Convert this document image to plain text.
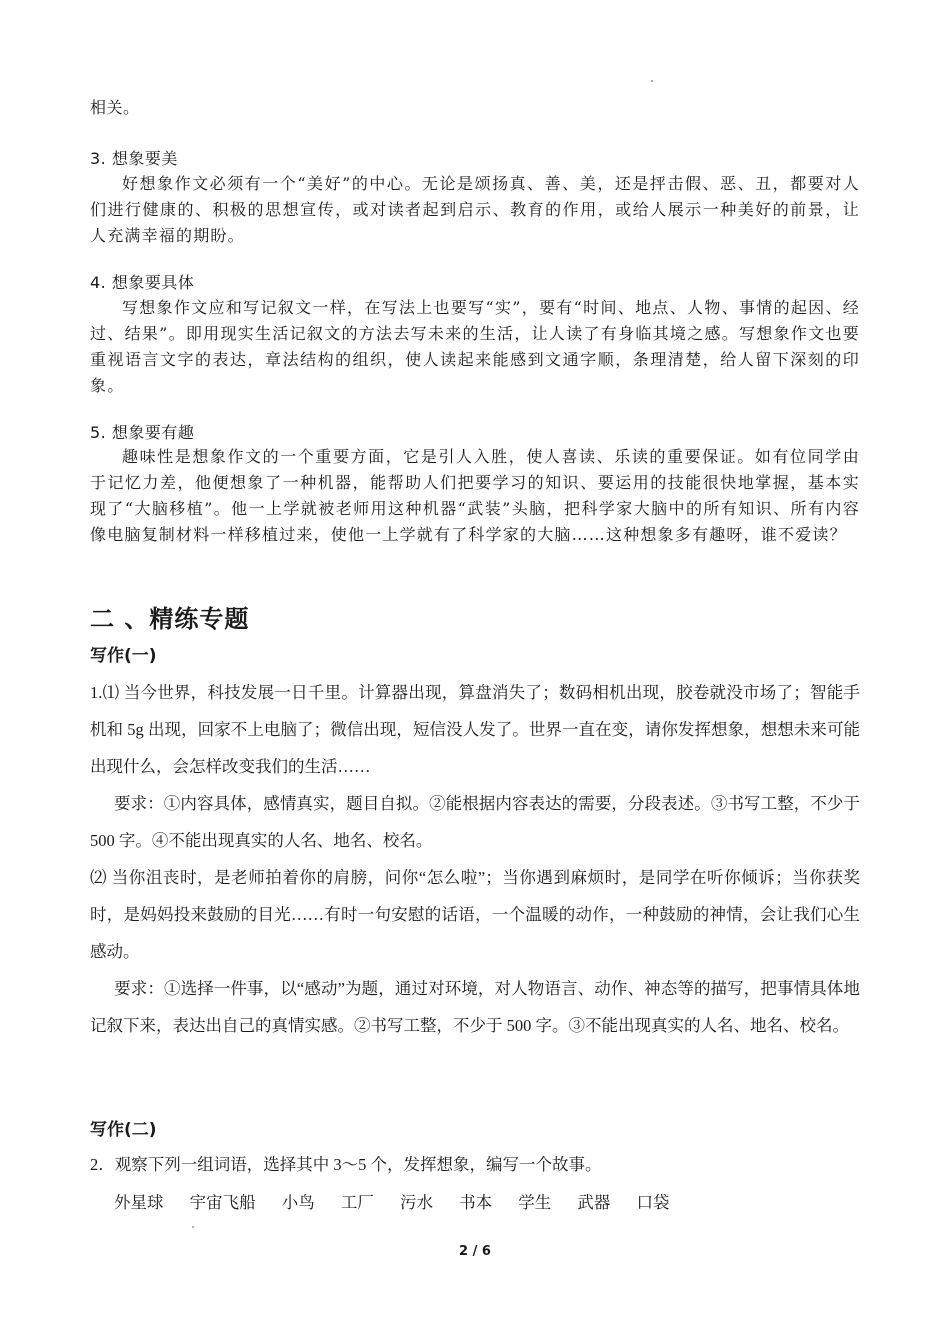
相关。
3. 想象要美
好想象作文必须有一个“美好”的中心。无论是颂扬真、善、美，还是抨击假、恶、丑，都要对人们进行健康的、积极的思想宣传，或对读者起到启示、教育的作用，或给人展示一种美好的前景，让人充满幸福的期盼。
4. 想象要具体
写想象作文应和写记叙文一样，在写法上也要写“实”，要有“时间、地点、人物、事情的起因、经 过、结果”。即用现实生活记叙文的方法去写未来的生活，让人读了有身临其境之感。写想象作文也要重视语言文字的表达，章法结构的组织，使人读起来能感到文通字顺，条理清楚，给人留下深刻的印象。
5. 想象要有趣
趣味性是想象作文的一个重要方面，它是引人入胜，使人喜读、乐读的重要保证。如有位同学由于记忆力差，他便想象了一种机器，能帮助人们把要学习的知识、要运用的技能很快地掌握，基本实现了“大脑移植”。他一上学就被老师用这种机器“武装”头脑，把科学家大脑中的所有知识、所有内容像电脑复制材料一样移植过来，使他一上学就有了科学家的大脑……这种想象多有趣呀，谁不爱读？
二 、精练专题
写作(一)
1.⑴ 当今世界，科技发展一日千里。计算器出现，算盘消失了；数码相机出现，胶卷就没市场了；智能手机和 5g 出现，回家不上电脑了；微信出现，短信没人发了。世界一直在变，请你发挥想象，想想未来可能出现什么，会怎样改变我们的生活……
要求：①内容具体，感情真实，题目自拟。②能根据内容表达的需要，分段表述。③书写工整，不少于 500 字。④不能出现真实的人名、地名、校名。
⑵ 当你沮丧时，是老师拍着你的肩膀，问你“怎么啦”；当你遇到麻烦时，是同学在听你倾诉；当你获奖时，是妈妈投来鼓励的目光……有时一句安慰的话语，一个温暖的动作，一种鼓励的神情，会让我们心生感动。
要求：①选择一件事，以“感动”为题，通过对环境，对人物语言、动作、神态等的描写，把事情具体地记叙下来，表达出自己的真情实感。②书写工整，不少于 500 字。③不能出现真实的人名、地名、校名。
写作(二)
2．观察下列一组词语，选择其中 3～5 个，发挥想象，编写一个故事。
外星球 宇宙飞船 小鸟 工厂 污水 书本 学生 武器 口袋
2 / 6
